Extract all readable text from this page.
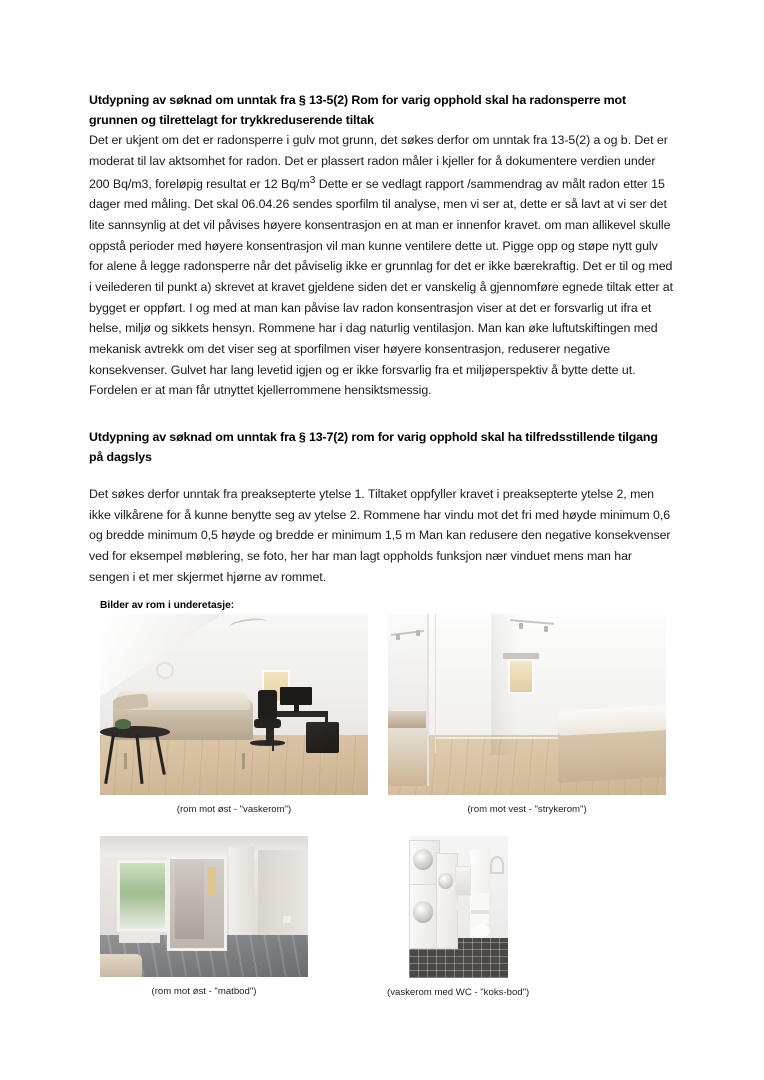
Utdypning av søknad om unntak fra § 13-5(2) Rom for varig opphold skal ha radonsperre mot grunnen og tilrettelagt for trykkreduserende tiltak

Det er ukjent om det er radonsperre i gulv mot grunn, det søkes derfor om unntak fra 13-5(2) a og b. Det er moderat til lav aktsomhet for radon. Det er plassert radon måler i kjeller for å dokumentere verdien under 200 Bq/m3, foreløpig resultat er 12 $Bq/m^3$ Dette er se vedlagt rapport /sammendrag av målt radon etter 15 dager med måling. Det skal 06.04.26 sendes sporfilm til analyse, men vi ser at, dette er så lavt at vi ser det lite sannsynlig at det vil påvises høyere konsentrasjon en at man er innenfor kravet. om man allikevel skulle oppstå perioder med høyere konsentrasjon vil man kunne ventilere dette ut. Pigge opp og støpe nytt gulv for alene å legge radonsperre når det påviselig ikke er grunnlag for det er ikke bærekraftig. Det er til og med i veilederen til punkt a) skrevet at kravet gjeldene siden det er vanskelig å gjennomføre egnede tiltak etter at bygget er oppført. I og med at man kan påvise lav radon konsentrasjon viser at det er forsvarlig ut ifra et helse, miljø og sikkets hensyn. Rommene har i dag naturlig ventilasjon. Man kan øke luftutskiftingen med mekanisk avtrekk om det viser seg at sporfilmen viser høyere konsentrasjon, reduserer negative konsekvenser. Gulvet har lang levetid igjen og er ikke forsvarlig fra et miljøperspektiv å bytte dette ut. Fordelen er at man får utnyttet kjellerrommene hensiktsmessig.

Utdypning av søknad om unntak fra § 13-7(2) rom for varig opphold skal ha tilfredsstillende tilgang på dagslys

Det søkes derfor unntak fra preaksepterte ytelse 1. Tiltaket oppfyller kravet i preaksepterte ytelse 2, men ikke vilkårene for å kunne benytte seg av ytelse 2. Rommene har vindu mot det fri med høyde minimum 0,6 og bredde minimum 0,5 høyde og bredde er minimum 1,5 m Man kan redusere den negative konsekvenser ved for eksempel møblering, se foto, her har man lagt oppholds funksjon nær vinduet mens man har sengen i et mer skjermet hjørne av rommet.

Bilder av rom i underetasje:
(rom mot øst - "vaskerom")	(rom mot vest - "strykerom")
(rom mot øst - "matbod")	(vaskerom med WC - "koks-bod")
